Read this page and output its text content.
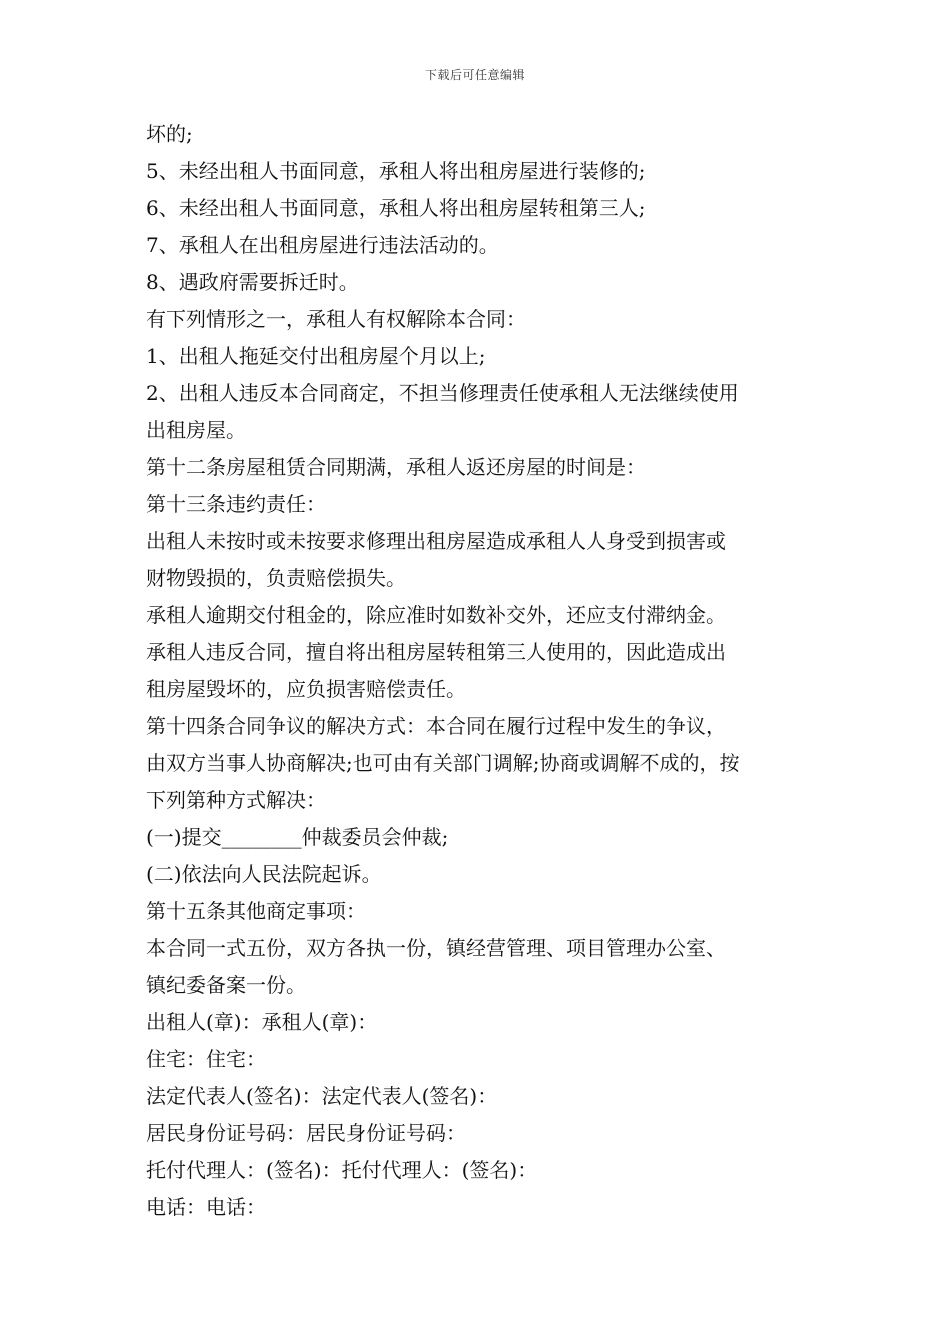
下载后可任意编辑
坏的;
5、未经出租人书面同意，承租人将出租房屋进行装修的;
6、未经出租人书面同意，承租人将出租房屋转租第三人;
7、承租人在出租房屋进行违法活动的。
8、遇政府需要拆迁时。
有下列情形之一，承租人有权解除本合同：
1、出租人拖延交付出租房屋个月以上;
2、出租人违反本合同商定，不担当修理责任使承租人无法继续使用
出租房屋。
第十二条房屋租赁合同期满，承租人返还房屋的时间是：
第十三条违约责任：
出租人未按时或未按要求修理出租房屋造成承租人人身受到损害或
财物毁损的，负责赔偿损失。
承租人逾期交付租金的，除应准时如数补交外，还应支付滞纳金。
承租人违反合同，擅自将出租房屋转租第三人使用的，因此造成出
租房屋毁坏的，应负损害赔偿责任。
第十四条合同争议的解决方式：本合同在履行过程中发生的争议，
由双方当事人协商解决;也可由有关部门调解;协商或调解不成的，按
下列第种方式解决：
(一)提交________仲裁委员会仲裁;
(二)依法向人民法院起诉。
第十五条其他商定事项：
本合同一式五份，双方各执一份，镇经营管理、项目管理办公室、
镇纪委备案一份。
出租人(章)：承租人(章)：
住宅：住宅：
法定代表人(签名)：法定代表人(签名)：
居民身份证号码：居民身份证号码：
托付代理人：(签名)：托付代理人：(签名)：
电话：电话：
